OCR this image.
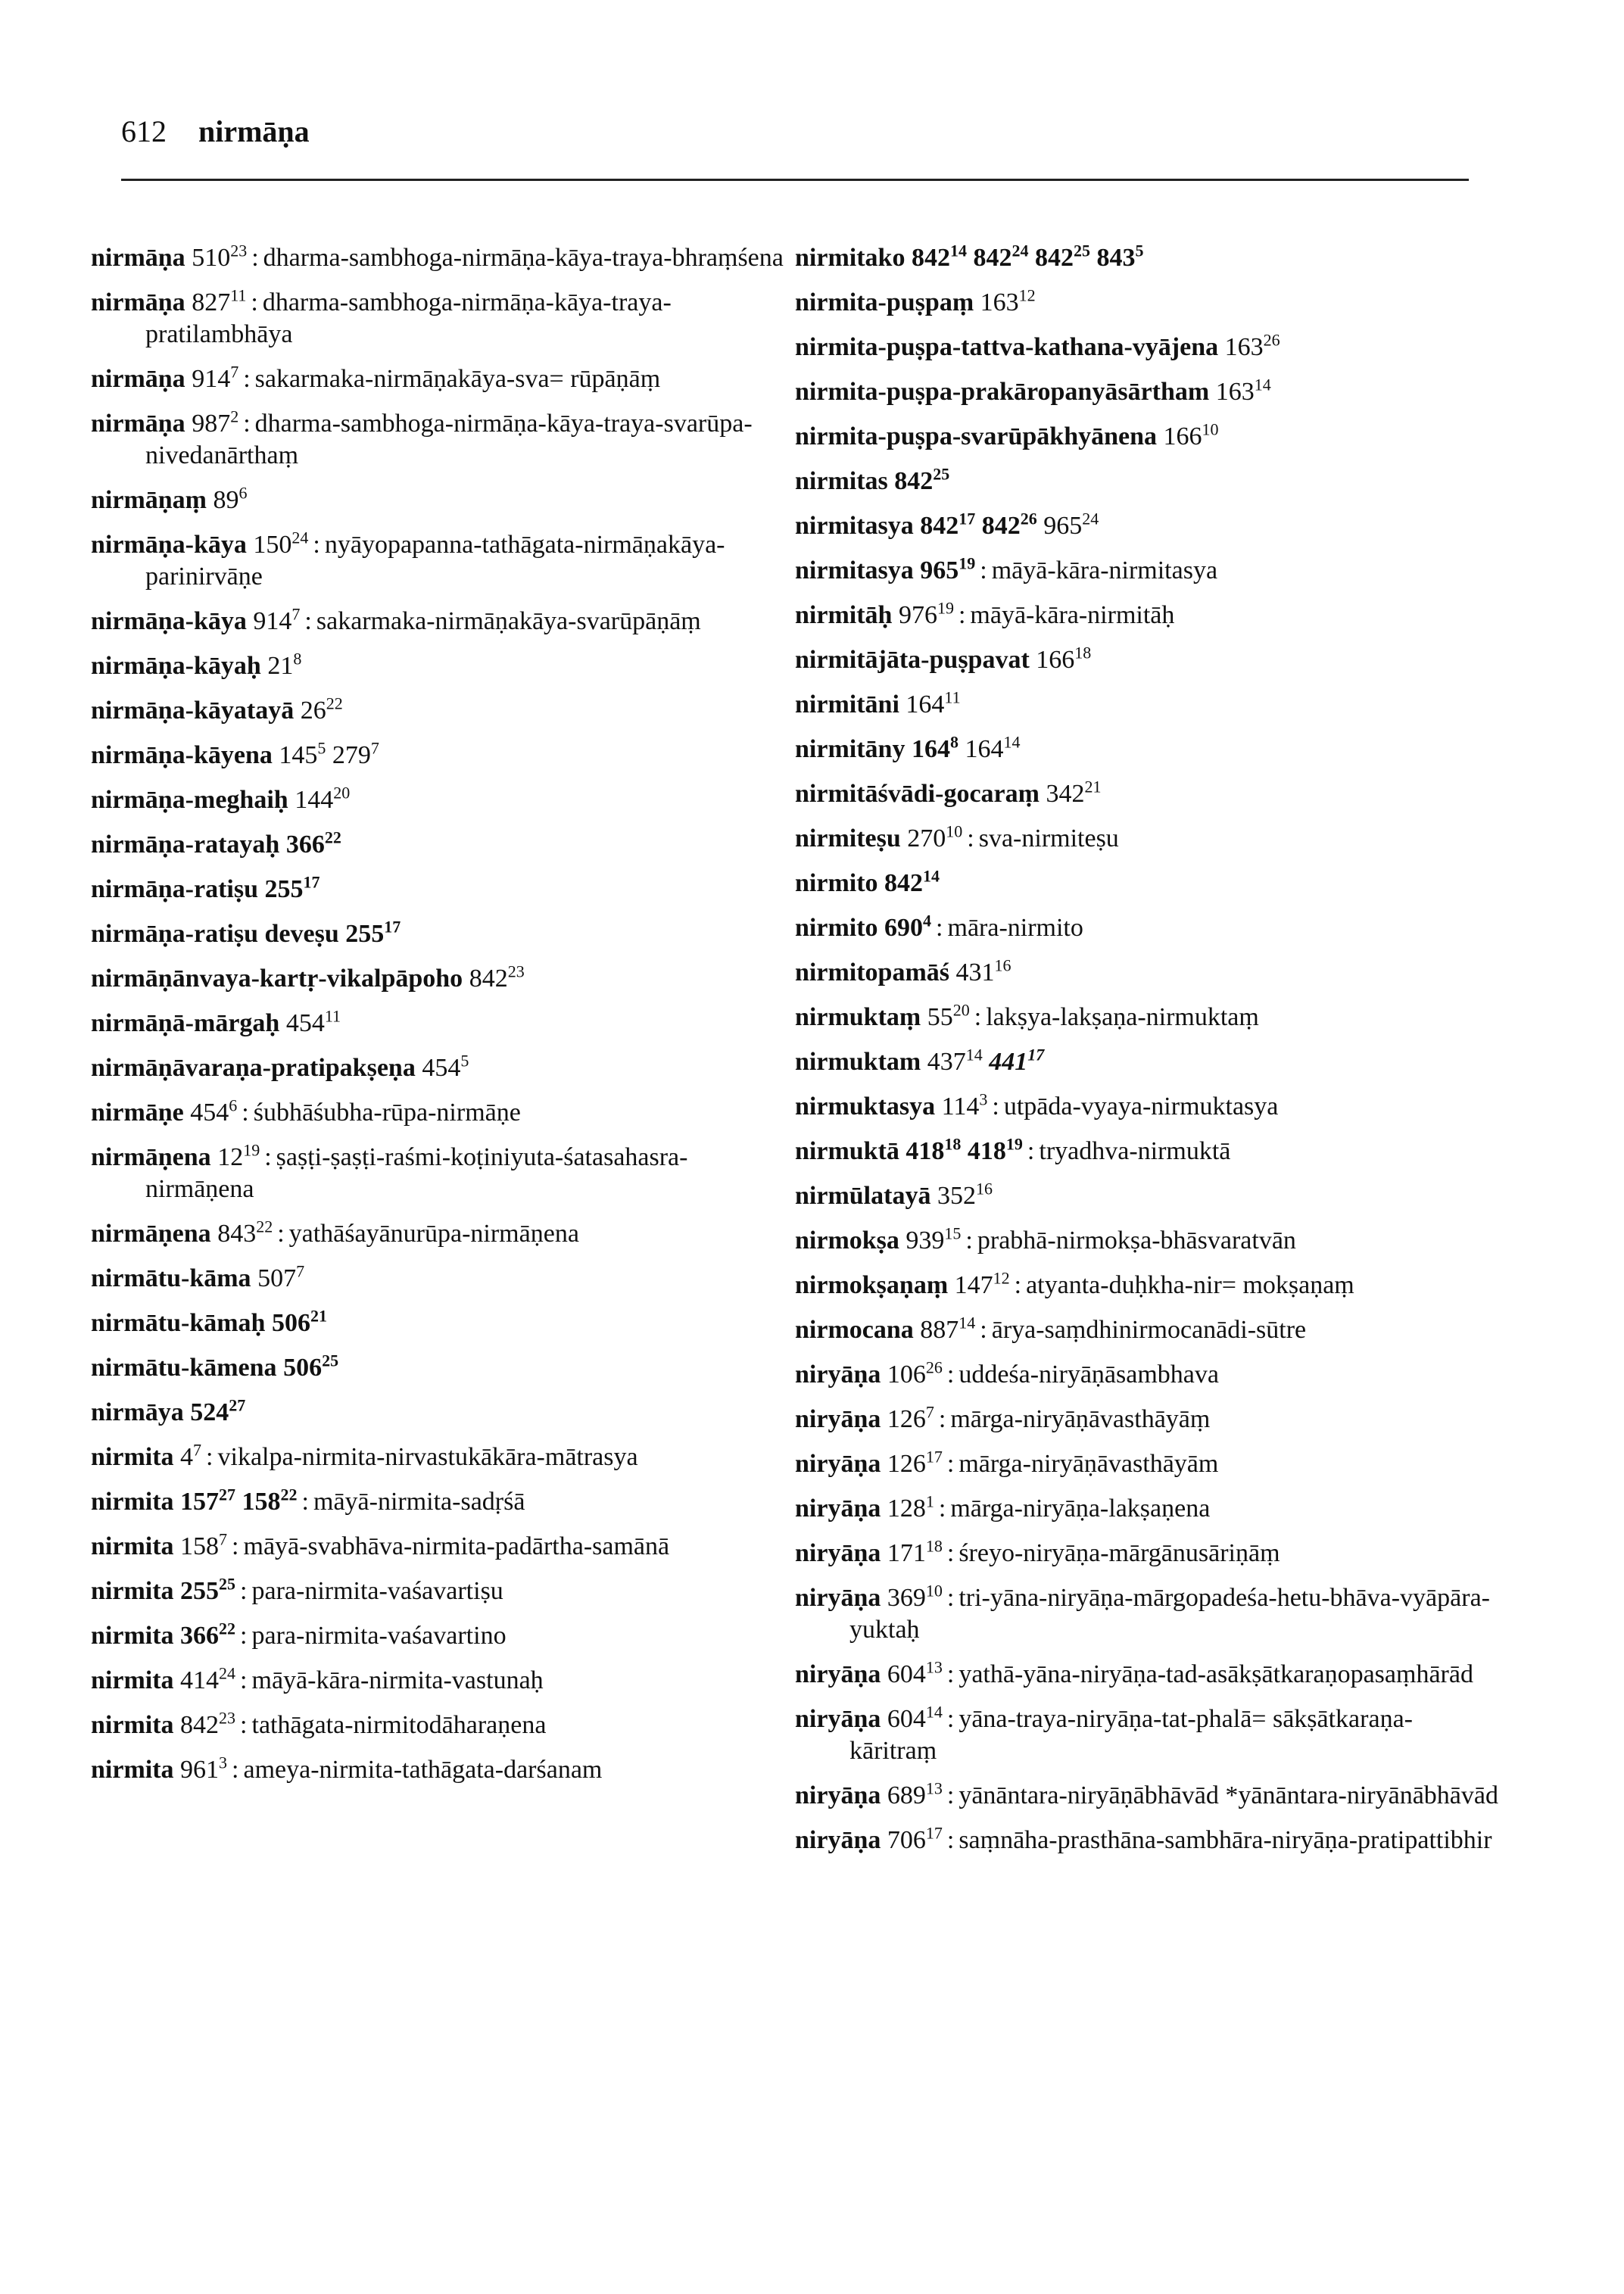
612 nirmāṇa
nirmāṇa $510^{23}$ : dharma-sambhoga-nirmāṇa-kāya-traya-bhraṃśena
nirmāṇa $827^{11}$ : dharma-sambhoga-nirmāṇa-kāya-traya-pratilambhāya
nirmāṇa $914^7$ : sakarmaka-nirmāṇakāya-sva= rūpāṇāṃ
nirmāṇa $987^2$ : dharma-sambhoga-nirmāṇa-kāya-traya-svarūpa-nivedanārthaṃ
nirmāṇaṃ $89^6$
nirmāṇa-kāya $150^{24}$ : nyāyopapanna-tathāgata-nirmāṇakāya-parinirvāṇe
nirmāṇa-kāya $914^7$ : sakarmaka-nirmāṇakāya-svarūpāṇāṃ
nirmāṇa-kāyaḥ $21^8$
nirmāṇa-kāyatayā $26^{22}$
nirmāṇa-kāyena $145^5$ $279^7$
nirmāṇa-meghaiḥ $144^{20}$
nirmāṇa-ratayaḥ $366^{22}$
nirmāṇa-ratiṣu $255^{17}$
nirmāṇa-ratiṣu deveṣu $255^{17}$
nirmāṇānvaya-kartṛ-vikalpāpoho $842^{23}$
nirmāṇā-mārgaḥ $454^{11}$
nirmāṇāvaraṇa-pratipakṣeṇa $454^5$
nirmāṇe $454^6$ : śubhāśubha-rūpa-nirmāṇe
nirmāṇena $12^{19}$ : ṣaṣṭi-ṣaṣṭi-raśmi-koṭiniyuta-śatasahasra-nirmāṇena
nirmāṇena $843^{22}$ : yathāśayānurūpa-nirmāṇena
nirmātu-kāma $507^7$
nirmātu-kāmaḥ $506^{21}$
nirmātu-kāmena $506^{25}$
nirmāya $524^{27}$
nirmita $4^7$ : vikalpa-nirmita-nirvastukākāra-mātrasya
nirmita $157^{27}$ $158^{22}$ : māyā-nirmita-sadṛśā
nirmita $158^7$ : māyā-svabhāva-nirmita-padārtha-samānā
nirmita $255^{25}$ : para-nirmita-vaśavartiṣu
nirmita $366^{22}$ : para-nirmita-vaśavartino
nirmita $414^{24}$ : māyā-kāra-nirmita-vastunaḥ
nirmita $842^{23}$ : tathāgata-nirmitodāharaṇena
nirmita $961^3$ : ameya-nirmita-tathāgata-darśanam
nirmitako $842^{14}$ $842^{24}$ $842^{25}$ $843^5$
nirmita-puṣpaṃ $163^{12}$
nirmita-puṣpa-tattva-kathana-vyājena $163^{26}$
nirmita-puṣpa-prakāropanyāsārtham $163^{14}$
nirmita-puṣpa-svarūpākhyānena $166^{10}$
nirmitas $842^{25}$
nirmitasya $842^{17}$ $842^{26}$ $965^{24}$
nirmitasya $965^{19}$ : māyā-kāra-nirmitasya
nirmitāḥ $976^{19}$ : māyā-kāra-nirmitāḥ
nirmitājāta-puṣpavat $166^{18}$
nirmitāni $164^{11}$
nirmitāny $164^8$ $164^{14}$
nirmitāśvādi-gocaraṃ $342^{21}$
nirmiteṣu $270^{10}$ : sva-nirmiteṣu
nirmito $842^{14}$
nirmito $690^4$ : māra-nirmito
nirmitopamāś $431^{16}$
nirmuktaṃ $55^{20}$ : lakṣya-lakṣaṇa-nirmuktaṃ
nirmuktam $437^{14}$ $441^{17}$
nirmuktasya $114^3$ : utpāda-vyaya-nirmuktasya
nirmuktā $418^{18}$ $418^{19}$ : tryadhva-nirmuktā
nirmūlatayā $352^{16}$
nirmokṣa $939^{15}$ : prabhā-nirmokṣa-bhāsvaratvān
nirmokṣaṇaṃ $147^{12}$ : atyanta-duḥkha-nir= mokṣaṇaṃ
nirmocana $887^{14}$ : ārya-saṃdhinirmocanādi-sūtre
niryāṇa $106^{26}$ : uddeśa-niryāṇāsambhava
niryāṇa $126^7$ : mārga-niryāṇāvasthāyāṃ
niryāṇa $126^{17}$ : mārga-niryāṇāvasthāyām
niryāṇa $128^1$ : mārga-niryāṇa-lakṣaṇena
niryāṇa $171^{18}$ : śreyo-niryāṇa-mārgānusāriṇāṃ
niryāṇa $369^{10}$ : tri-yāna-niryāṇa-mārgopadeśa-hetu-bhāva-vyāpāra-yuktaḥ
niryāṇa $604^{13}$ : yathā-yāna-niryāṇa-tad-asākṣātkaraṇopasaṃhārād
niryāṇa $604^{14}$ : yāna-traya-niryāṇa-tat-phalā= sākṣātkaraṇa-kāritraṃ
niryāṇa $689^{13}$ : yānāntara-niryāṇābhāvād *yānāntara-niryānābhāvād
niryāṇa $706^{17}$ : saṃnāha-prasthāna-sambhāra-niryāṇa-pratipattibhir
